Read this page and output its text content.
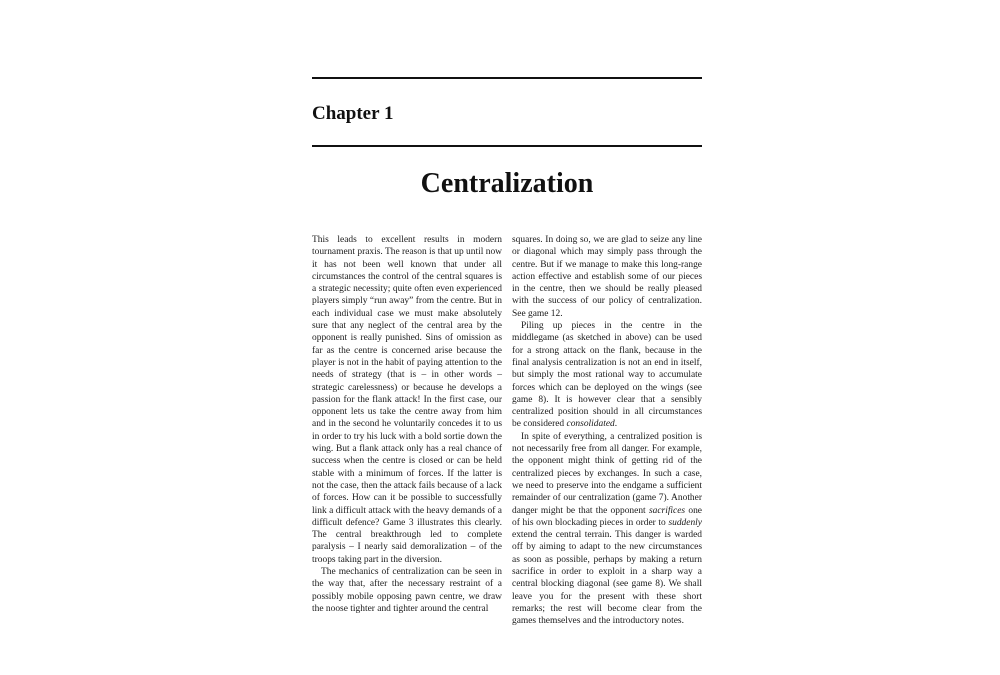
Chapter 1
Centralization

This leads to excellent results in modern tournament praxis. The reason is that up until now it has not been well known that under all circumstances the control of the central squares is a strategic necessity; quite often even experienced players simply “run away” from the centre. But in each individual case we must make absolutely sure that any neglect of the central area by the opponent is really punished. Sins of omission as far as the centre is concerned arise because the player is not in the habit of paying attention to the needs of strategy (that is – in other words – strategic carelessness) or because he develops a passion for the flank attack! In the first case, our opponent lets us take the centre away from him and in the second he voluntarily concedes it to us in order to try his luck with a bold sortie down the wing. But a flank attack only has a real chance of success when the centre is closed or can be held stable with a minimum of forces. If the latter is not the case, then the attack fails because of a lack of forces. How can it be possible to successfully link a difficult attack with the heavy demands of a difficult defence? Game 3 illustrates this clearly. The central breakthrough led to complete paralysis – I nearly said demoralization – of the troops taking part in the diversion.

The mechanics of centralization can be seen in the way that, after the necessary restraint of a possibly mobile opposing pawn centre, we draw the noose tighter and tighter around the central

squares. In doing so, we are glad to seize any line or diagonal which may simply pass through the centre. But if we manage to make this long-range action effective and establish some of our pieces in the centre, then we should be really pleased with the success of our policy of centralization. See game 12.

Piling up pieces in the centre in the middlegame (as sketched in above) can be used for a strong attack on the flank, because in the final analysis centralization is not an end in itself, but simply the most rational way to accumulate forces which can be deployed on the wings (see game 8). It is however clear that a sensibly centralized position should in all circumstances be considered consolidated.

In spite of everything, a centralized position is not necessarily free from all danger. For example, the opponent might think of getting rid of the centralized pieces by exchanges. In such a case, we need to preserve into the endgame a sufficient remainder of our centralization (game 7). Another danger might be that the opponent sacrifices one of his own blockading pieces in order to suddenly extend the central terrain. This danger is warded off by aiming to adapt to the new circumstances as soon as possible, perhaps by making a return sacrifice in order to exploit in a sharp way a central blocking diagonal (see game 8). We shall leave you for the present with these short remarks; the rest will become clear from the games themselves and the introductory notes.
